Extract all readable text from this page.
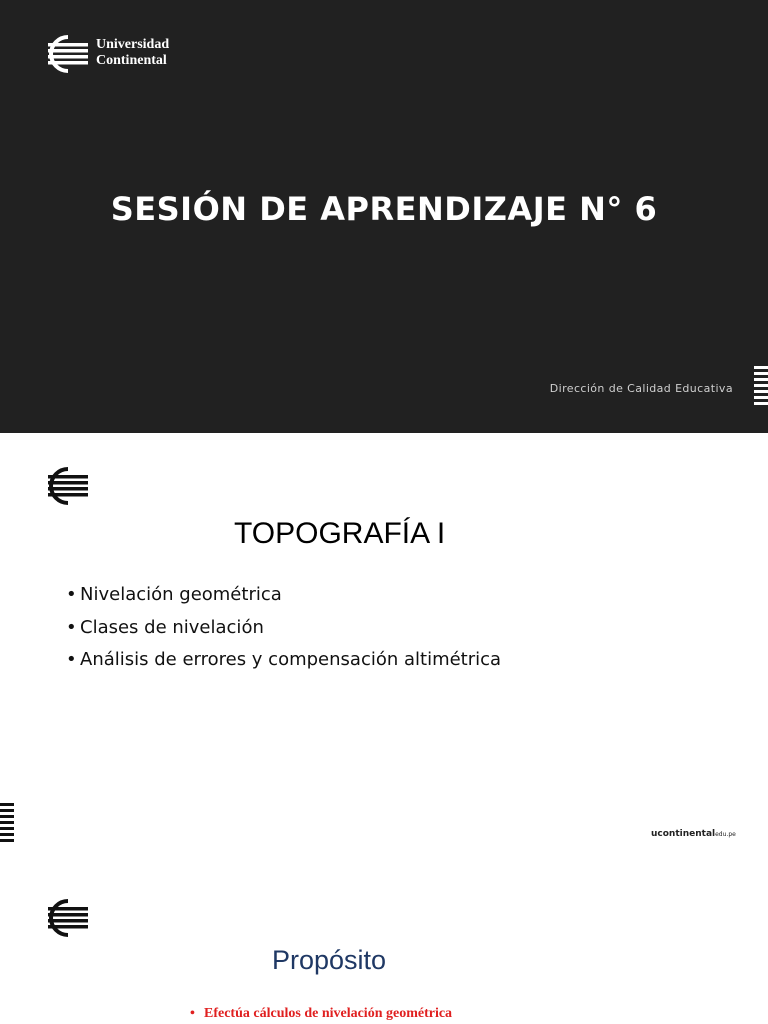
Universidad
Continental
SESIÓN DE APRENDIZAJE N° 6
Dirección de Calidad Educativa
TOPOGRAFÍA I
• Nivelación geométrica
• Clases de nivelación
• Análisis de errores y compensación altimétrica
ucontinentaledu.pe
Propósito
• Efectúa cálculos de nivelación geométrica
